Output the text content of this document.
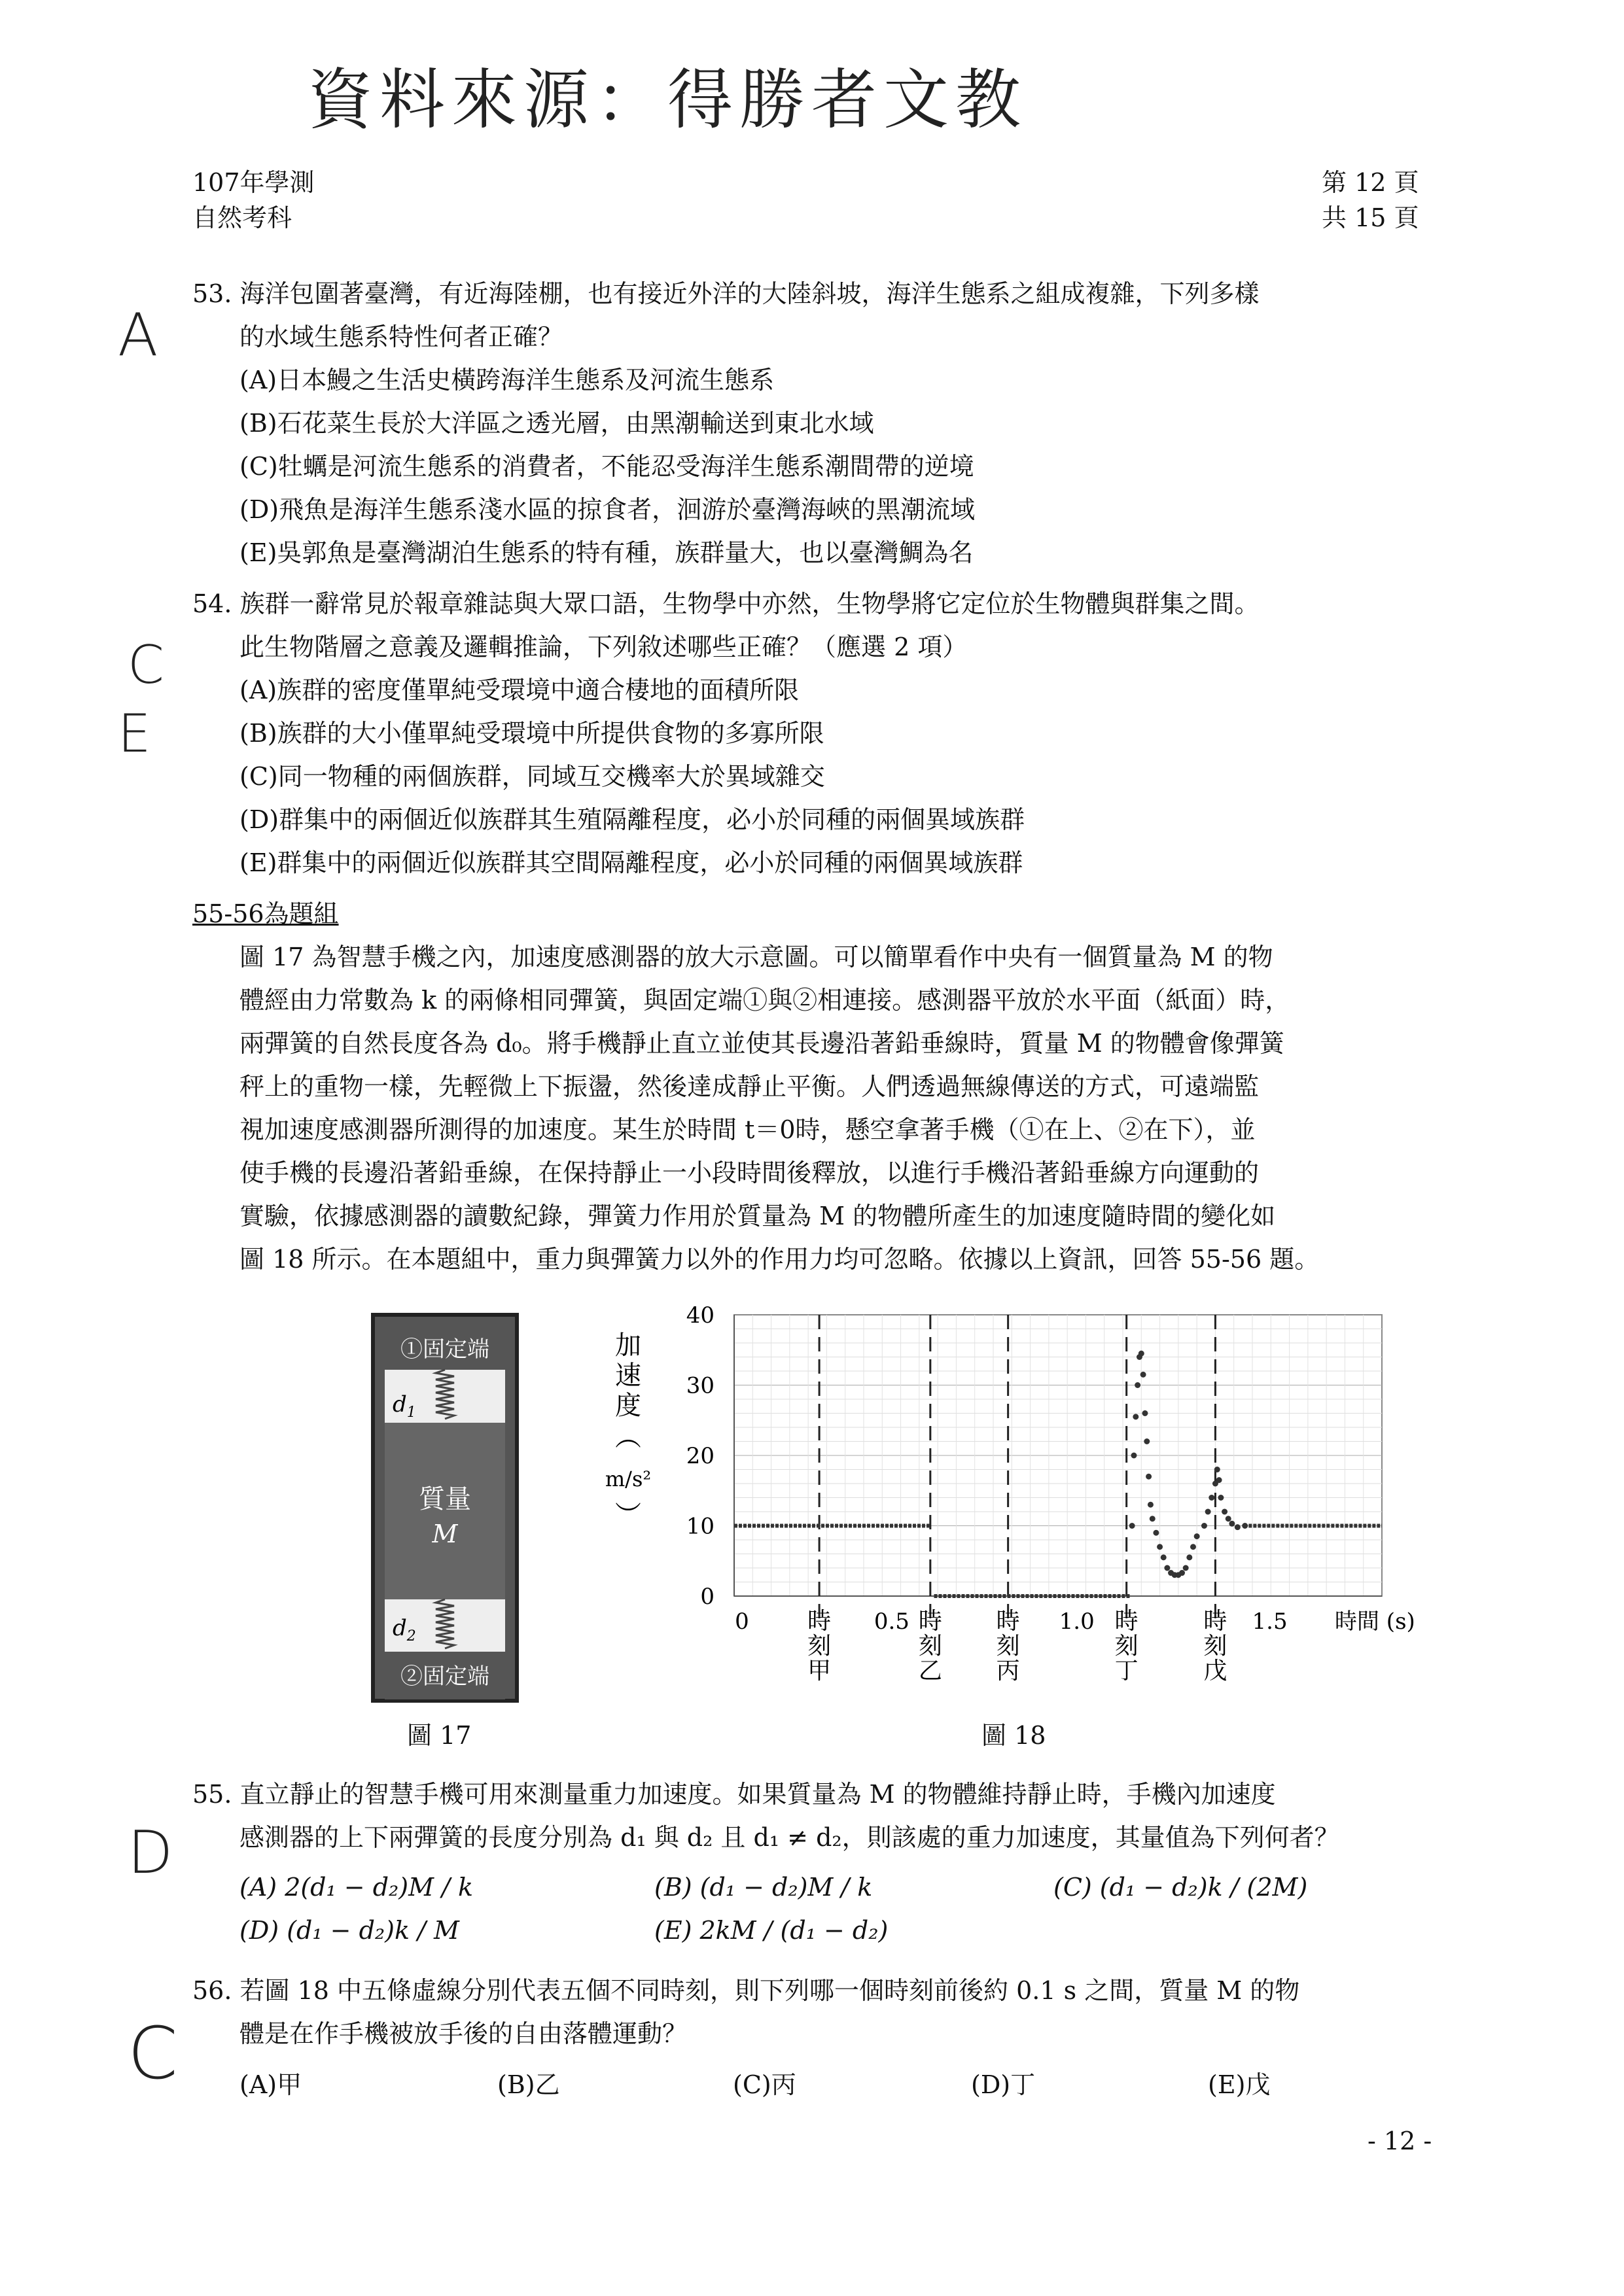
資料來源：得勝者文教
107年學測
自然考科
第 12 頁
共 15 頁
A
C
E
D
C
53. 海洋包圍著臺灣，有近海陸棚，也有接近外洋的大陸斜坡，海洋生態系之組成複雜，下列多樣
的水域生態系特性何者正確？
(A)日本鰻之生活史橫跨海洋生態系及河流生態系
(B)石花菜生長於大洋區之透光層，由黑潮輸送到東北水域
(C)牡蠣是河流生態系的消費者，不能忍受海洋生態系潮間帶的逆境
(D)飛魚是海洋生態系淺水區的掠食者，洄游於臺灣海峽的黑潮流域
(E)吳郭魚是臺灣湖泊生態系的特有種，族群量大，也以臺灣鯛為名
54. 族群一辭常見於報章雜誌與大眾口語，生物學中亦然，生物學將它定位於生物體與群集之間。
此生物階層之意義及邏輯推論，下列敘述哪些正確？（應選 2 項）
(A)族群的密度僅單純受環境中適合棲地的面積所限
(B)族群的大小僅單純受環境中所提供食物的多寡所限
(C)同一物種的兩個族群，同域互交機率大於異域雜交
(D)群集中的兩個近似族群其生殖隔離程度，必小於同種的兩個異域族群
(E)群集中的兩個近似族群其空間隔離程度，必小於同種的兩個異域族群
55-56為題組
圖 17 為智慧手機之內，加速度感測器的放大示意圖。可以簡單看作中央有一個質量為 M 的物
體經由力常數為 k 的兩條相同彈簧，與固定端①與②相連接。感測器平放於水平面（紙面）時，
兩彈簧的自然長度各為 d₀。將手機靜止直立並使其長邊沿著鉛垂線時，質量 M 的物體會像彈簧
秤上的重物一樣，先輕微上下振盪，然後達成靜止平衡。人們透過無線傳送的方式，可遠端監
視加速度感測器所測得的加速度。某生於時間 t＝0時，懸空拿著手機（①在上、②在下），並
使手機的長邊沿著鉛垂線，在保持靜止一小段時間後釋放，以進行手機沿著鉛垂線方向運動的
實驗，依據感測器的讀數紀錄，彈簧力作用於質量為 M 的物體所產生的加速度隨時間的變化如
圖 18 所示。在本題組中，重力與彈簧力以外的作用力均可忽略。依據以上資訊，回答 55-56 題。
①固定端
$d_1$
質量
M
$d_2$
②固定端
圖 17
加
速
度
︵
m/s²
︶
0
10
20
30
40
0	0.5	1.0	1.5 時間 (s)
時
刻
甲
時
刻
乙
時
刻
丙
時
刻
丁
時
刻
戊
圖 18
55. 直立靜止的智慧手機可用來測量重力加速度。如果質量為 M 的物體維持靜止時，手機內加速度
感測器的上下兩彈簧的長度分別為 d₁ 與 d₂ 且 d₁ ≠ d₂，則該處的重力加速度，其量值為下列何者？
(A) 2(d₁ − d₂)M / k	(B) (d₁ − d₂)M / k	(C) (d₁ − d₂)k / (2M)
(D) (d₁ − d₂)k / M	(E) 2kM / (d₁ − d₂)
56. 若圖 18 中五條虛線分別代表五個不同時刻，則下列哪一個時刻前後約 0.1 s 之間，質量 M 的物
體是在作手機被放手後的自由落體運動？
(A)甲	(B)乙	(C)丙	(D)丁	(E)戊
- 12 -
